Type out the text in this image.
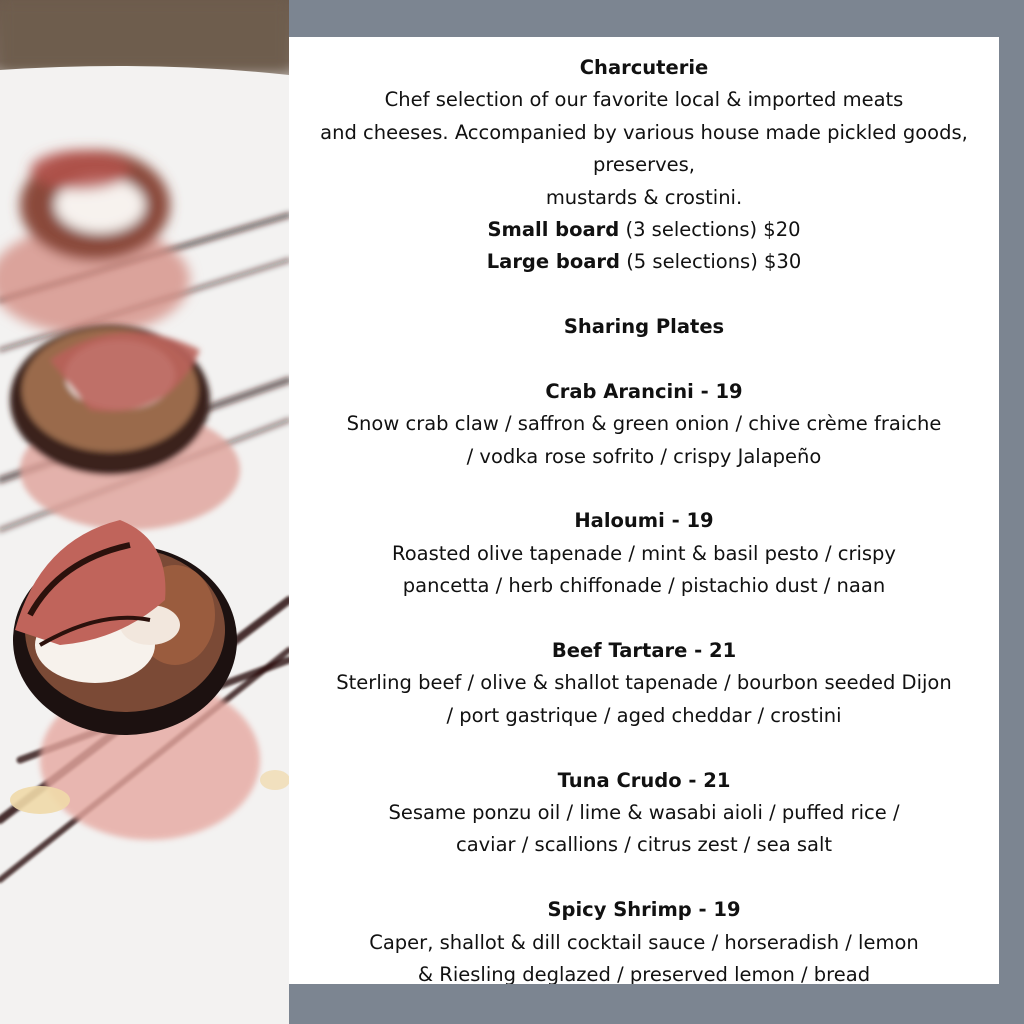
Charcuterie
Chef selection of our favorite local & imported meats
and cheeses. Accompanied by various house made pickled goods,
preserves,
mustards & crostini.
Small board (3 selections) $20
Large board (5 selections) $30
Sharing Plates
Crab Arancini - 19
Snow crab claw / saffron & green onion / chive crème fraiche
/ vodka rose sofrito / crispy Jalapeño
Haloumi - 19
Roasted olive tapenade / mint & basil pesto / crispy
pancetta / herb chiffonade / pistachio dust / naan
Beef Tartare - 21
Sterling beef / olive & shallot tapenade / bourbon seeded Dijon
/ port gastrique / aged cheddar / crostini
Tuna Crudo - 21
Sesame ponzu oil / lime & wasabi aioli / puffed rice /
caviar / scallions / citrus zest / sea salt
Spicy Shrimp - 19
Caper, shallot & dill cocktail sauce / horseradish / lemon
& Riesling deglazed / preserved lemon / bread
